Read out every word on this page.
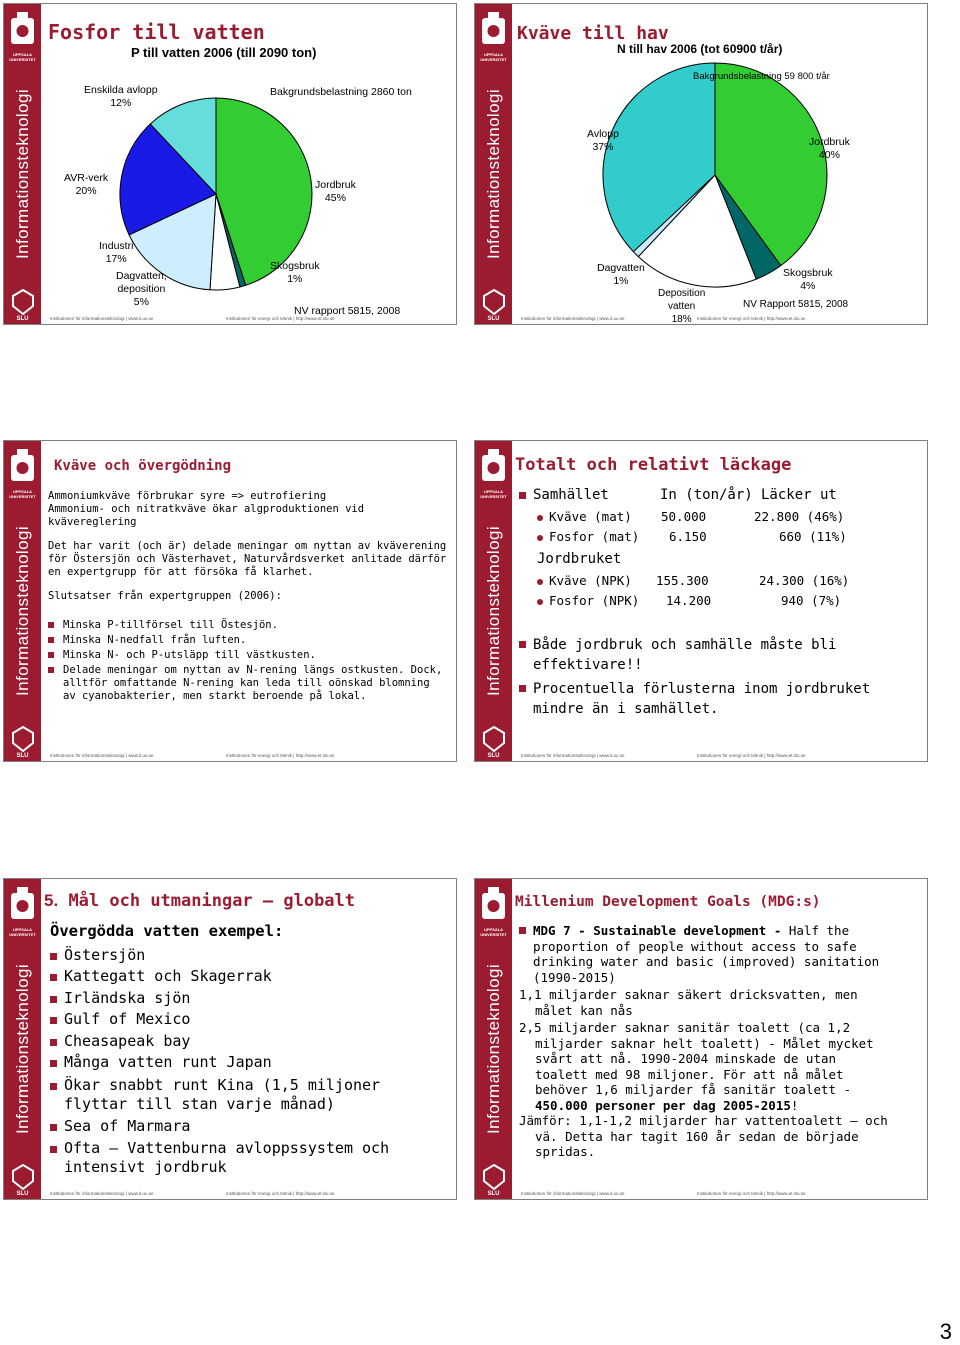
UPPSALA UNIVERSITET
Informationsteknologi
SLU
Fosfor till vatten
P till vatten 2006 (till 2090 ton)
Enskilda avlopp
12%
Bakgrundsbelastning 2860 ton
AVR-verk
20%	Jordbruk
45%
Industri
17%
Skogsbruk
1%
Dagvatten,
deposition
5%
NV rapport 5815, 2008
Institutionen för informationsteknologi | www.it.uu.se	Institutionen för energi och teknik | http://www.et.slu.se
UPPSALA UNIVERSITET
Informationsteknologi
SLU
Kväve till hav
N till hav 2006 (tot 60900 t/år)
Bakgrundsbelastning 59 800 t/år
Avlopp
37%	Jordbruk
40%
Dagvatten
1%
Skogsbruk
4%
Deposition
vatten
18%
NV Rapport 5815, 2008
Institutionen för informationsteknologi | www.it.uu.se	Institutionen för energi och teknik | http://www.et.slu.se
UPPSALA UNIVERSITET
Informationsteknologi
SLU
Kväve och övergödning
Ammoniumkväve förbrukar syre => eutrofiering
Ammonium- och nitratkväve ökar algproduktionen vid kvävereglering
Det har varit (och är) delade meningar om nyttan av kväverening för Östersjön och Västerhavet, Naturvårdsverket anlitade därför en expertgrupp för att försöka få klarhet.
Slutsatser från expertgruppen (2006):
Minska P-tillförsel till Östesjön.
Minska N-nedfall från luften.
Minska N- och P-utsläpp till västkusten.
Delade meningar om nyttan av N-rening längs ostkusten. Dock, alltför omfattande N-rening kan leda till oönskad blomning av cyanobakterier, men starkt beroende på lokal.
Institutionen för informationsteknologi | www.it.uu.se	Institutionen för energi och teknik | http://www.et.slu.se
UPPSALA UNIVERSITET
Informationsteknologi
SLU
Totalt och relativt läckage
Samhället	In (ton/år) Läcker ut
Kväve (mat) 50.000	22.800 (46%)
Fosfor (mat) 6.150	660 (11%)
Jordbruket
Kväve (NPK) 155.300	24.300 (16%)
Fosfor (NPK) 14.200	940 (7%)
Både jordbruk och samhälle måste bli effektivare!!
Procentuella förlusterna inom jordbruket mindre än i samhället.
Institutionen för informationsteknologi | www.it.uu.se	Institutionen för energi och teknik | http://www.et.slu.se
UPPSALA UNIVERSITET
Informationsteknologi
SLU
5. Mål och utmaningar – globalt
Övergödda vatten exempel:
Östersjön
Kattegatt och Skagerrak
Irländska sjön
Gulf of Mexico
Cheasapeak bay
Många vatten runt Japan
Ökar snabbt runt Kina (1,5 miljoner flyttar till stan varje månad)
Sea of Marmara
Ofta – Vattenburna avloppssystem och intensivt jordbruk
Institutionen för informationsteknologi | www.it.uu.se	Institutionen för energi och teknik | http://www.et.slu.se
UPPSALA UNIVERSITET
Informationsteknologi
SLU
Millenium Development Goals (MDG:s)
MDG 7 - Sustainable development - Half the proportion of people without access to safe drinking water and basic (improved) sanitation (1990-2015)
1,1 miljarder saknar säkert dricksvatten, men målet kan nås
2,5 miljarder saknar sanitär toalett (ca 1,2 miljarder saknar helt toalett) - Målet mycket svårt att nå. 1990-2004 minskade de utan toalett med 98 miljoner. För att nå målet behöver 1,6 miljarder få sanitär toalett - 450.000 personer per dag 2005-2015!
Jämför: 1,1-1,2 miljarder har vattentoalett – och vä. Detta har tagit 160 år sedan de började spridas.
Institutionen för informationsteknologi | www.it.uu.se	Institutionen för energi och teknik | http://www.et.slu.se
3
